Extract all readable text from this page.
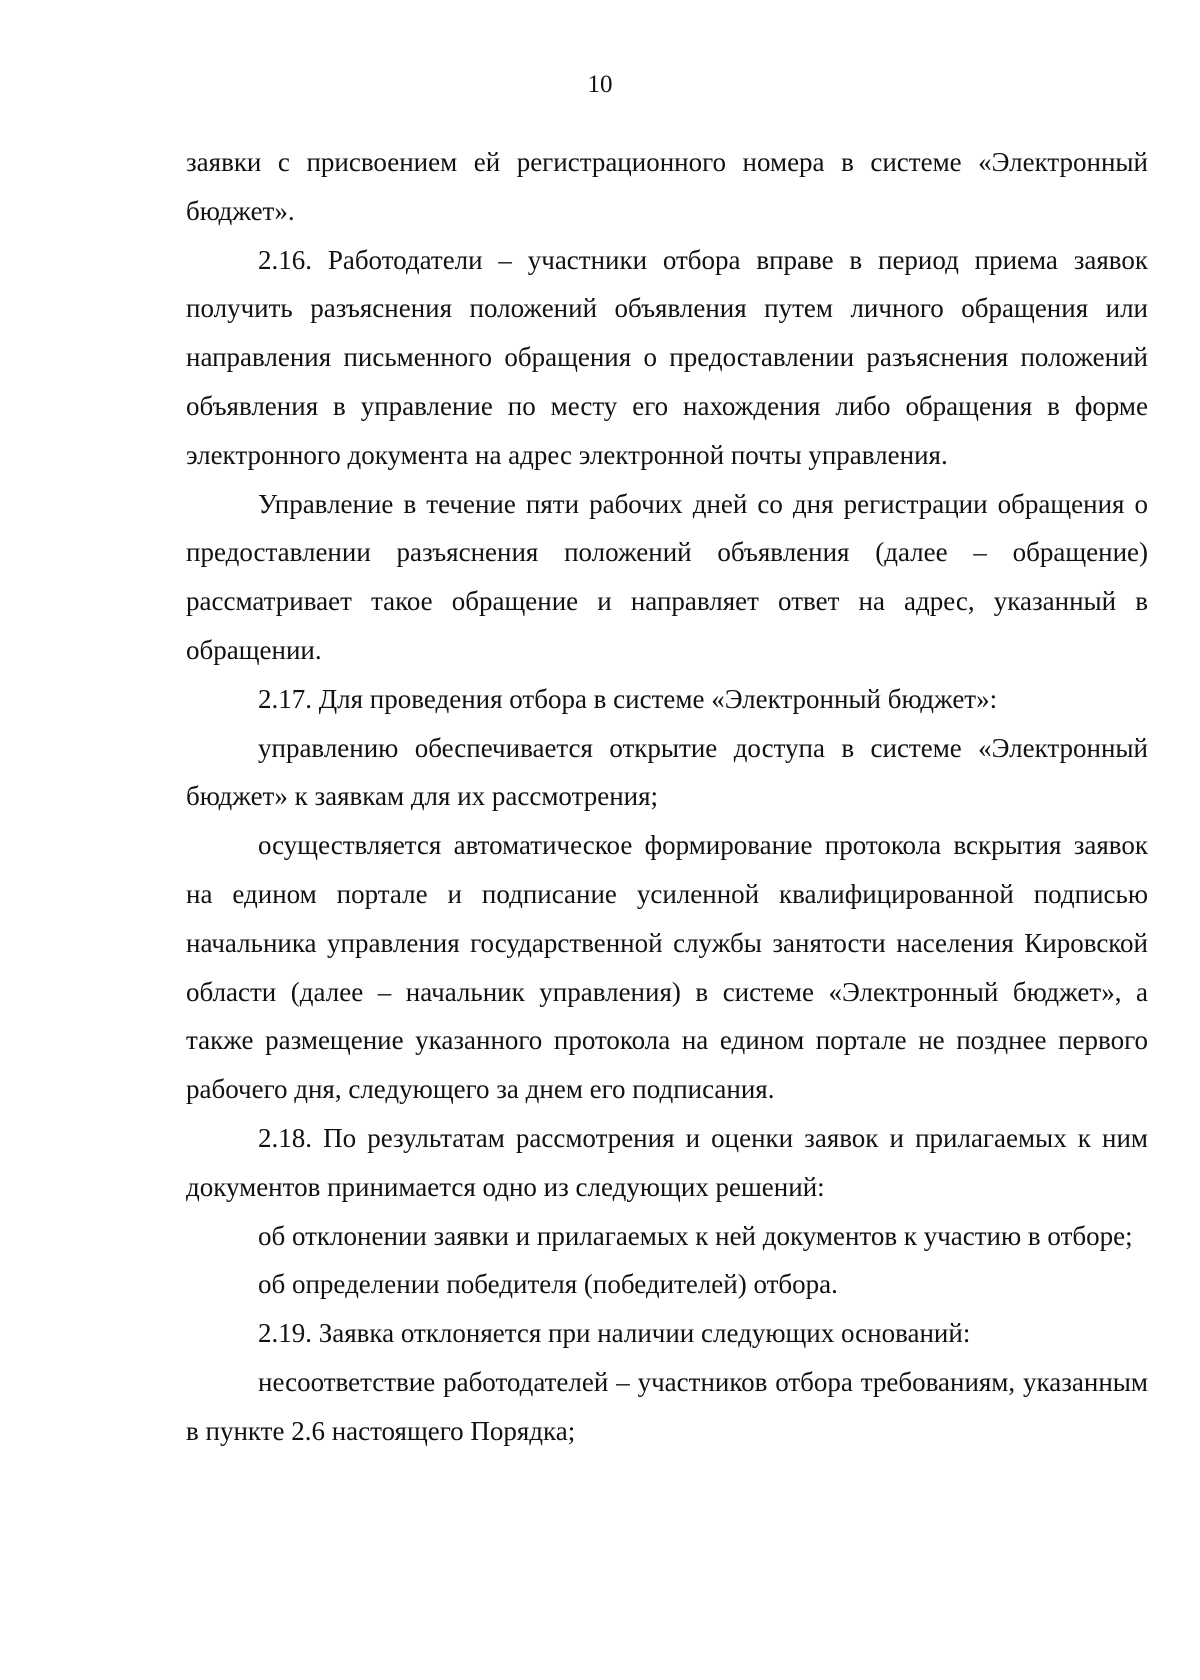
10

заявки с присвоением ей регистрационного номера в системе «Электронный бюджет».

2.16. Работодатели – участники отбора вправе в период приема заявок получить разъяснения положений объявления путем личного обращения или направления письменного обращения о предоставлении разъяснения положений объявления в управление по месту его нахождения либо обращения в форме электронного документа на адрес электронной почты управления.

Управление в течение пяти рабочих дней со дня регистрации обращения о предоставлении разъяснения положений объявления (далее – обращение) рассматривает такое обращение и направляет ответ на адрес, указанный в обращении.

2.17. Для проведения отбора в системе «Электронный бюджет»:

управлению обеспечивается открытие доступа в системе «Электронный бюджет» к заявкам для их рассмотрения;

осуществляется автоматическое формирование протокола вскрытия заявок на едином портале и подписание усиленной квалифицированной подписью начальника управления государственной службы занятости населения Кировской области (далее – начальник управления) в системе «Электронный бюджет», а также размещение указанного протокола на едином портале не позднее первого рабочего дня, следующего за днем его подписания.

2.18. По результатам рассмотрения и оценки заявок и прилагаемых к ним документов принимается одно из следующих решений:

об отклонении заявки и прилагаемых к ней документов к участию в отборе;

об определении победителя (победителей) отбора.

2.19. Заявка отклоняется при наличии следующих оснований:

несоответствие работодателей – участников отбора требованиям, указанным в пункте 2.6 настоящего Порядка;
